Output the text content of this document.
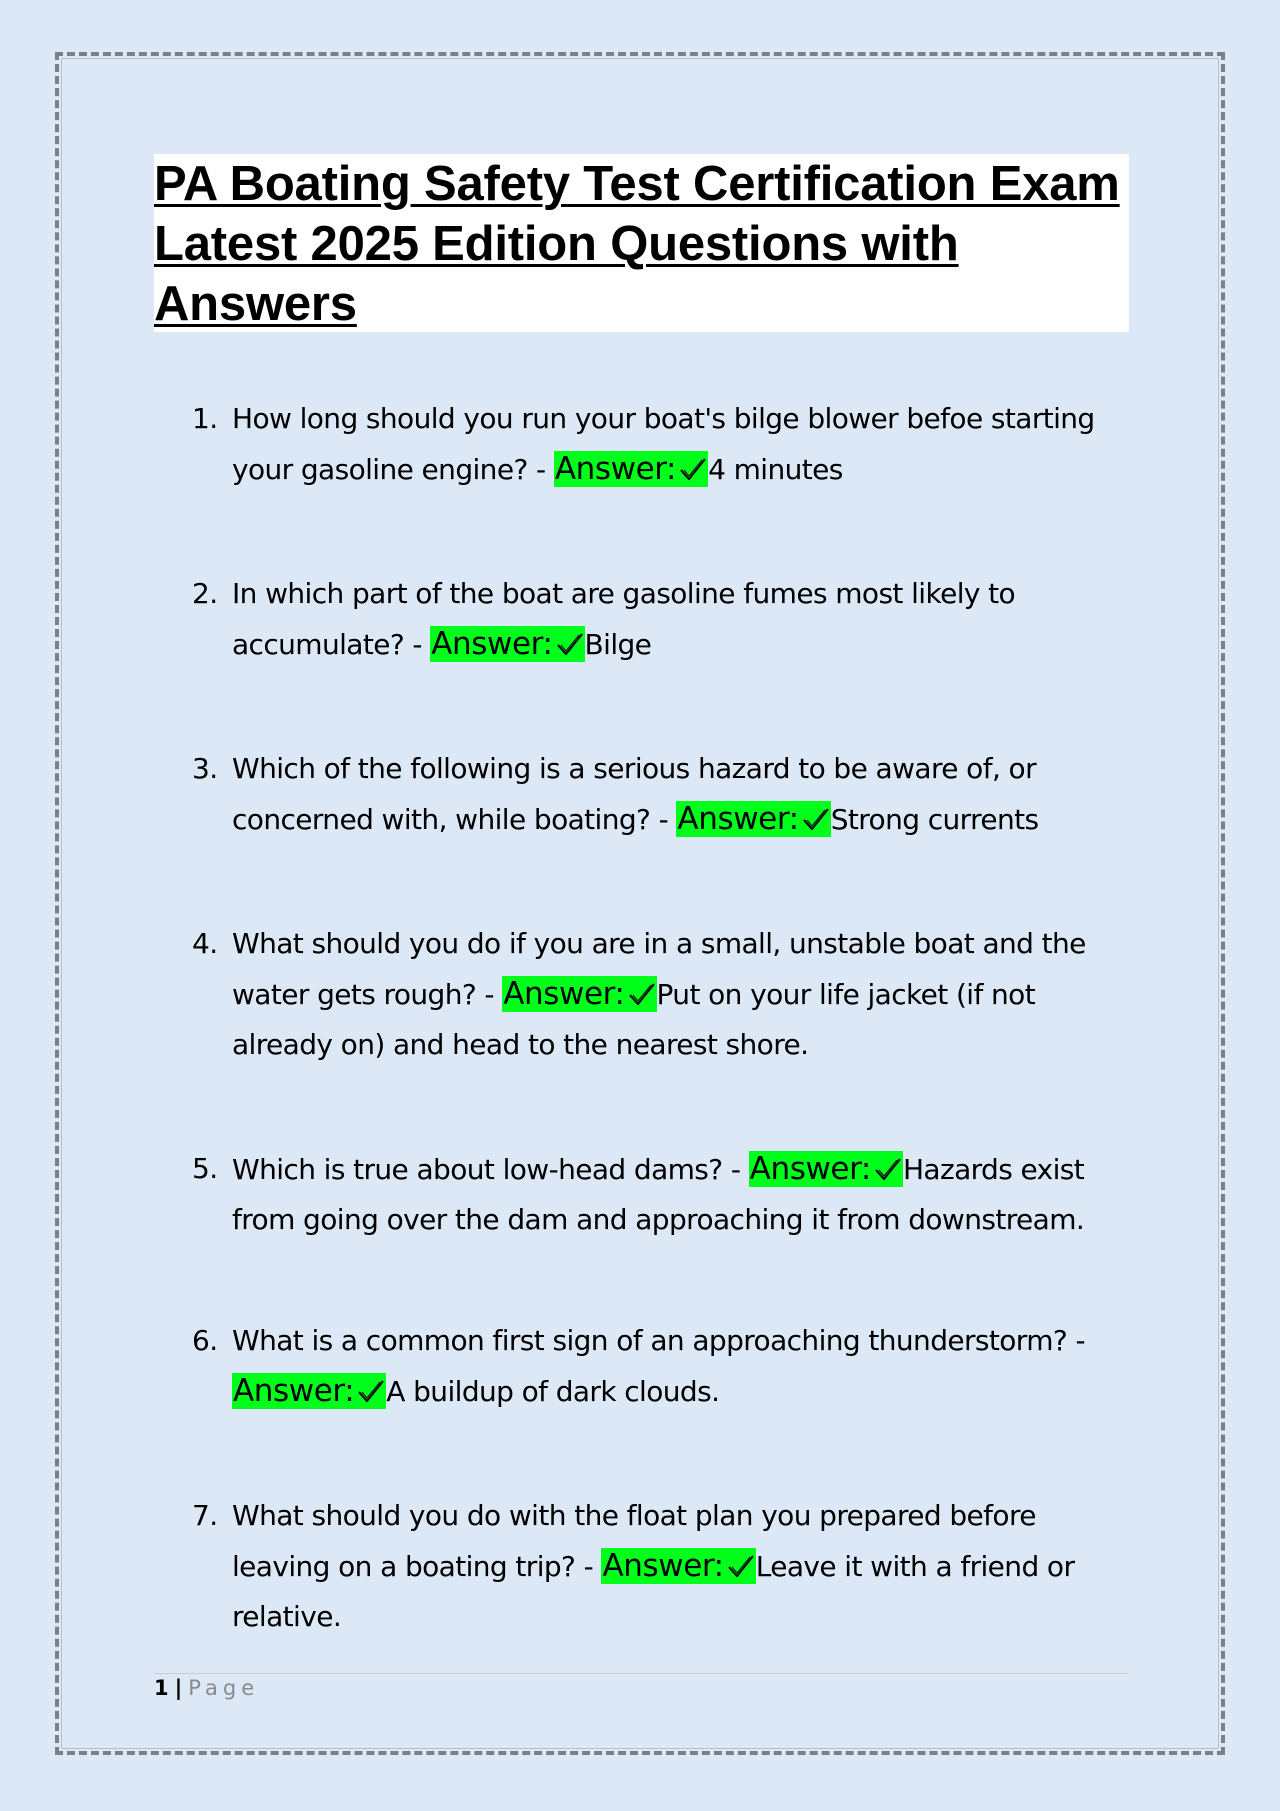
PA Boating Safety Test Certification Exam Latest 2025 Edition Questions with Answers
1. How long should you run your boat's bilge blower befoe starting your gasoline engine? - Answer: 4 minutes
2. In which part of the boat are gasoline fumes most likely to accumulate? - Answer: Bilge
3. Which of the following is a serious hazard to be aware of, or concerned with, while boating? - Answer: Strong currents
4. What should you do if you are in a small, unstable boat and the water gets rough? - Answer: Put on your life jacket (if not already on) and head to the nearest shore.
5. Which is true about low-head dams? - Answer: Hazards exist from going over the dam and approaching it from downstream.
6. What is a common first sign of an approaching thunderstorm? - Answer: A buildup of dark clouds.
7. What should you do with the float plan you prepared before leaving on a boating trip? - Answer: Leave it with a friend or relative.
1 | Page
